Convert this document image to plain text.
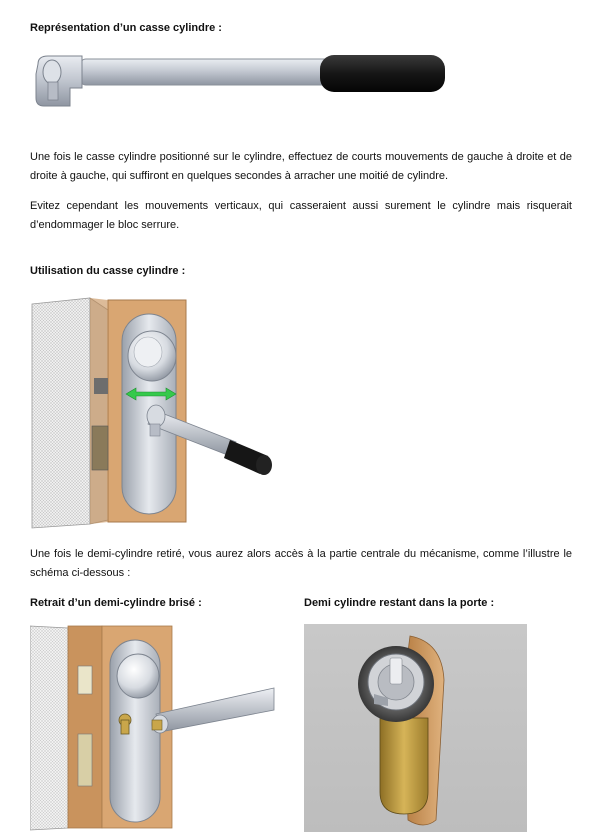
Représentation d’un casse cylindre :
Une fois le casse cylindre positionné sur le cylindre, effectuez de courts mouvements de gauche à droite et de droite à gauche, qui suffiront en quelques secondes à arracher une moitié de cylindre.
Evitez cependant les mouvements verticaux, qui casseraient aussi surement le cylindre mais risquerait d’endommager le bloc serrure.
Utilisation du casse cylindre :
Une fois le demi-cylindre retiré, vous aurez alors accès à la partie centrale du mécanisme, comme l’illustre le schéma ci-dessous :
Retrait d’un demi-cylindre brisé :	Demi cylindre restant dans la porte :
